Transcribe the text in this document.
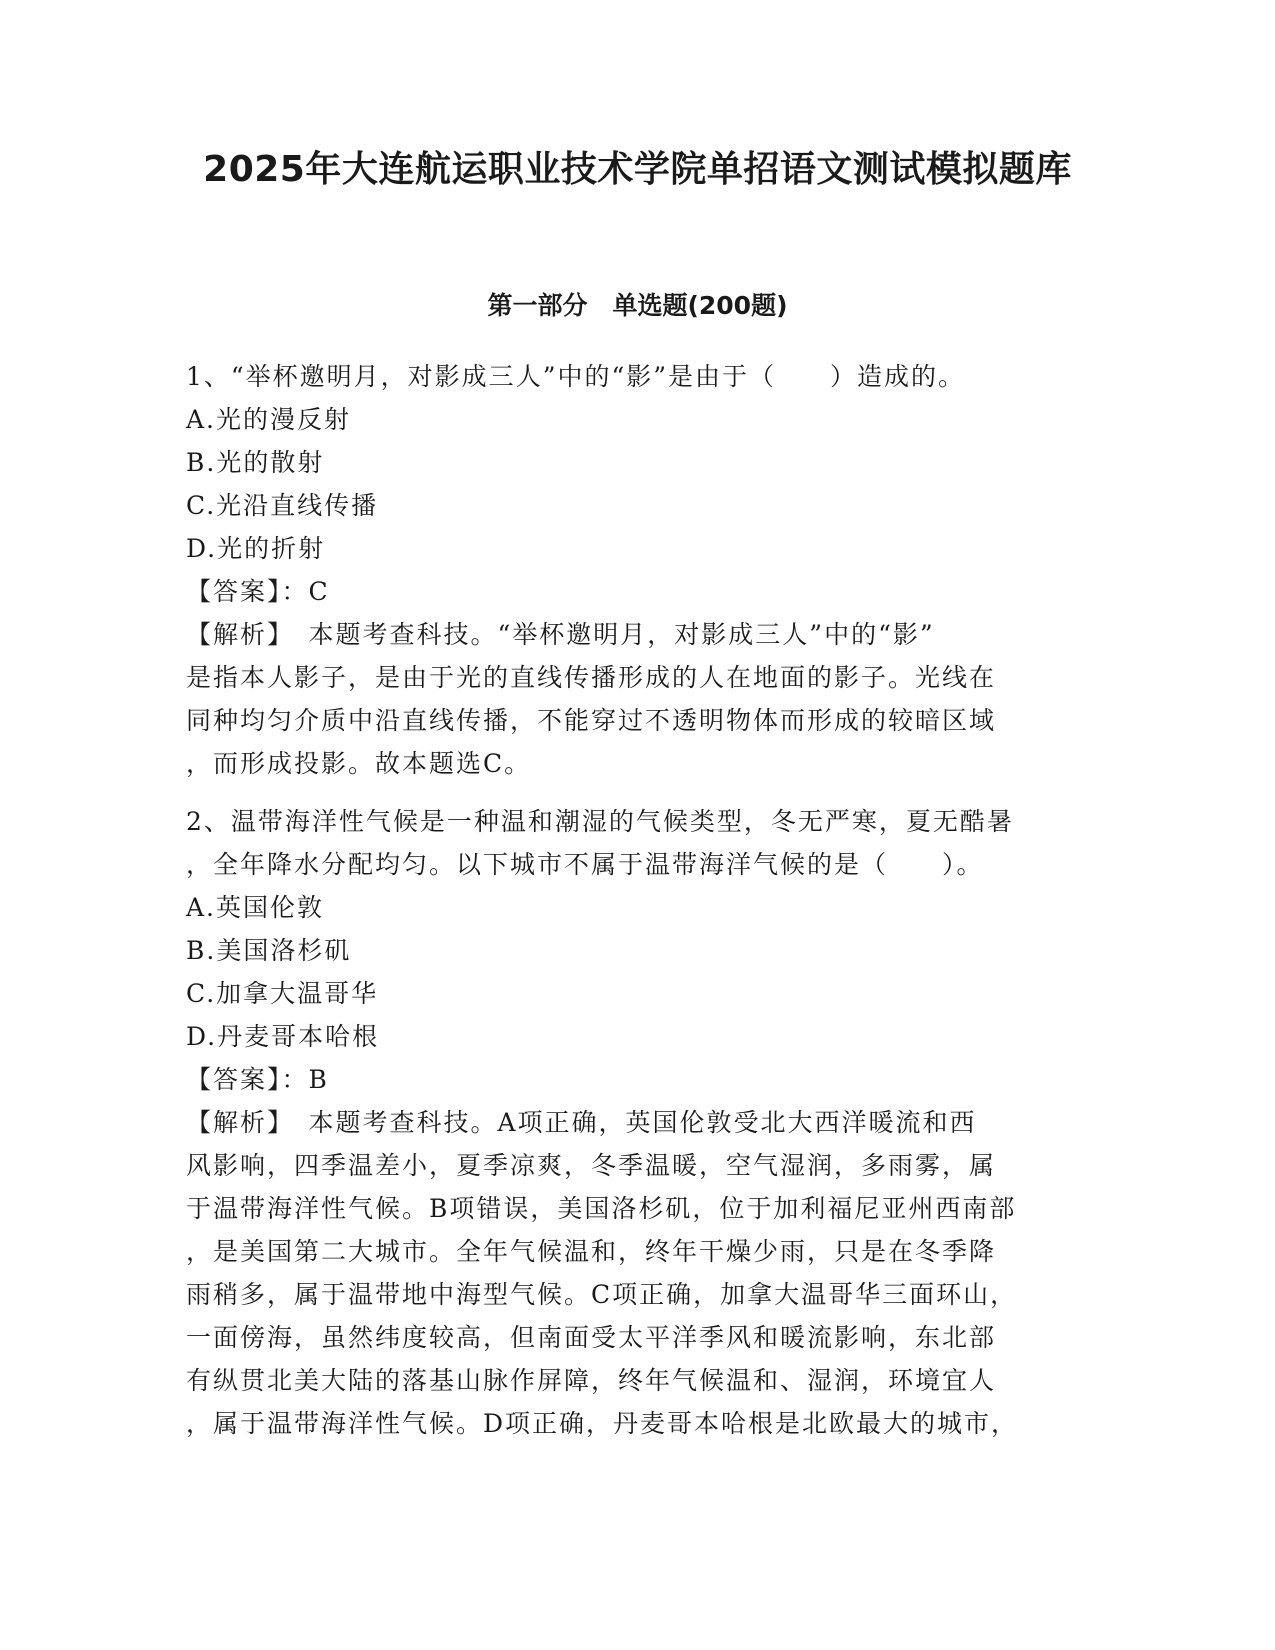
2025年大连航运职业技术学院单招语文测试模拟题库
第一部分　单选题(200题)
1、“举杯邀明月，对影成三人”中的“影”是由于（　　）造成的。
A.光的漫反射
B.光的散射
C.光沿直线传播
D.光的折射
【答案】：C
【解析】　本题考查科技。“举杯邀明月，对影成三人”中的“影”
是指本人影子，是由于光的直线传播形成的人在地面的影子。光线在
同种均匀介质中沿直线传播，不能穿过不透明物体而形成的较暗区域
，而形成投影。故本题选C。
2、温带海洋性气候是一种温和潮湿的气候类型，冬无严寒，夏无酷暑
，全年降水分配均匀。以下城市不属于温带海洋气候的是（　　）。
A.英国伦敦
B.美国洛杉矶
C.加拿大温哥华
D.丹麦哥本哈根
【答案】：B
【解析】　本题考查科技。A项正确，英国伦敦受北大西洋暖流和西
风影响，四季温差小，夏季凉爽，冬季温暖，空气湿润，多雨雾，属
于温带海洋性气候。B项错误，美国洛杉矶，位于加利福尼亚州西南部
，是美国第二大城市。全年气候温和，终年干燥少雨，只是在冬季降
雨稍多，属于温带地中海型气候。C项正确，加拿大温哥华三面环山，
一面傍海，虽然纬度较高，但南面受太平洋季风和暖流影响，东北部
有纵贯北美大陆的落基山脉作屏障，终年气候温和、湿润，环境宜人
，属于温带海洋性气候。D项正确，丹麦哥本哈根是北欧最大的城市，
